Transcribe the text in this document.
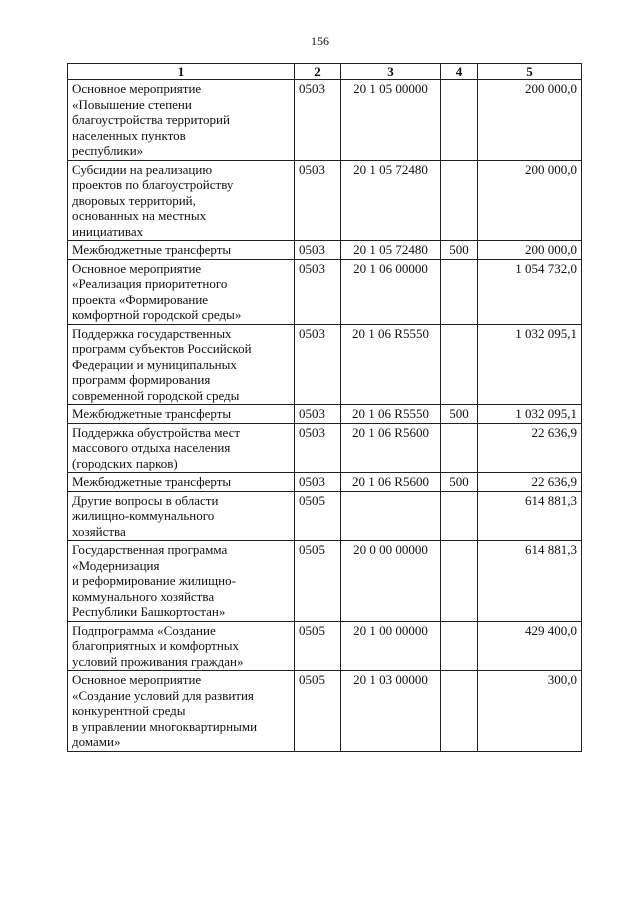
156
1	2	3	4	5
Основное мероприятие
«Повышение степени
благоустройства территорий
населенных пунктов
республики»	0503	20 1 05 00000		200 000,0
Субсидии на реализацию
проектов по благоустройству
дворовых территорий,
основанных на местных
инициативах	0503	20 1 05 72480		200 000,0
Межбюджетные трансферты	0503	20 1 05 72480	500	200 000,0
Основное мероприятие
«Реализация приоритетного
проекта «Формирование
комфортной городской среды»	0503	20 1 06 00000		1 054 732,0
Поддержка государственных
программ субъектов Российской
Федерации и муниципальных
программ формирования
современной городской среды	0503	20 1 06 R5550		1 032 095,1
Межбюджетные трансферты	0503	20 1 06 R5550	500	1 032 095,1
Поддержка обустройства мест
массового отдыха населения
(городских парков)	0503	20 1 06 R5600		22 636,9
Межбюджетные трансферты	0503	20 1 06 R5600	500	22 636,9
Другие вопросы в области
жилищно-коммунального
хозяйства	0505			614 881,3
Государственная программа
«Модернизация
и реформирование жилищно-
коммунального хозяйства
Республики Башкортостан»	0505	20 0 00 00000		614 881,3
Подпрограмма «Создание
благоприятных и комфортных
условий проживания граждан»	0505	20 1 00 00000		429 400,0
Основное мероприятие
«Создание условий для развития
конкурентной среды
в управлении многоквартирными
домами»	0505	20 1 03 00000		300,0
